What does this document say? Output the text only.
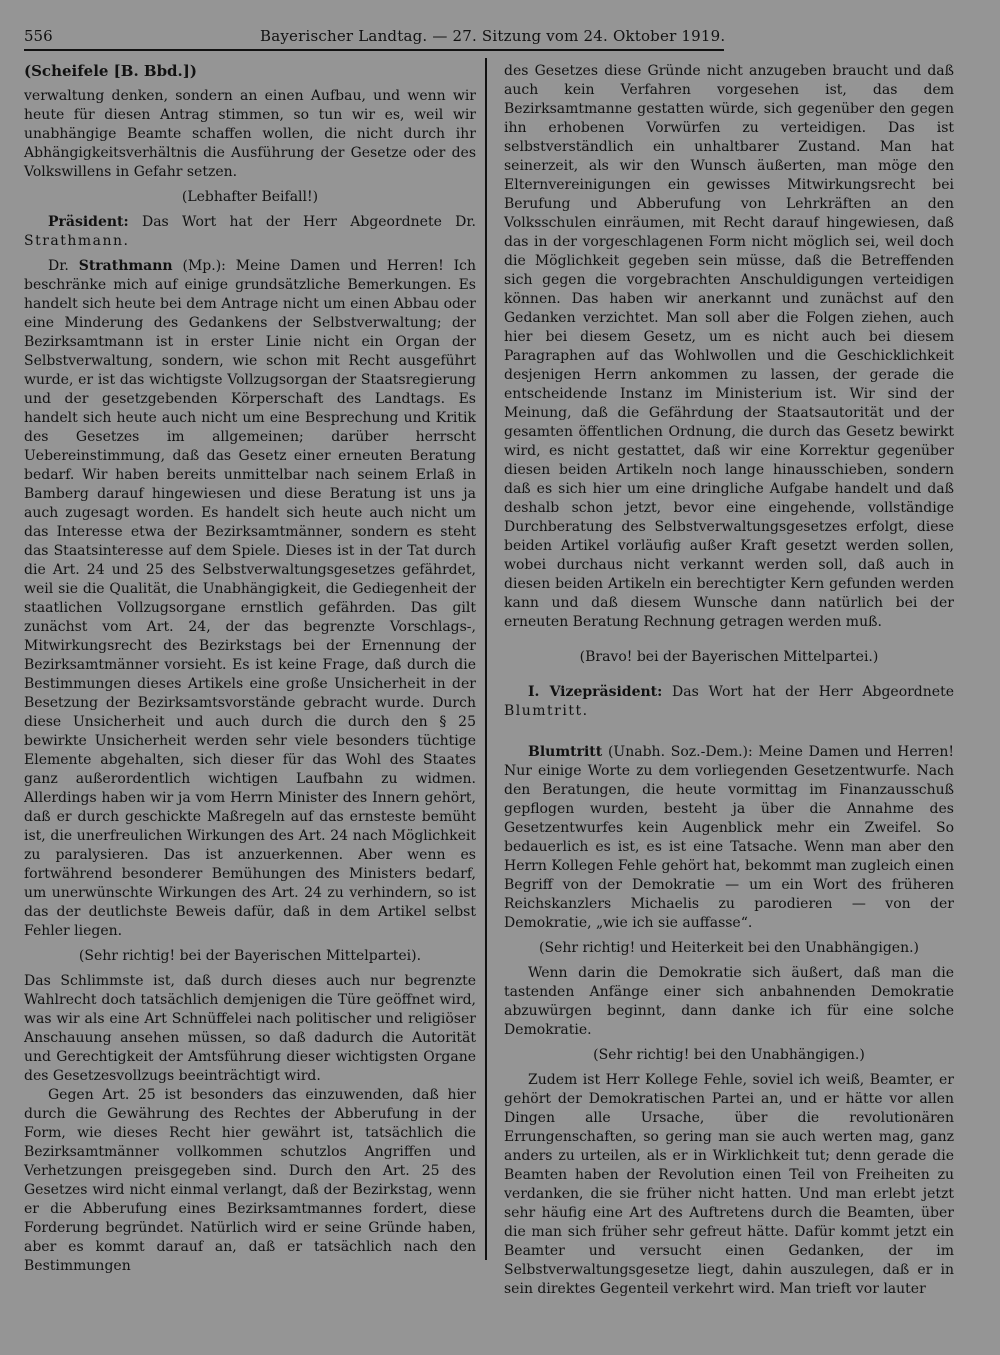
556	Bayerischer Landtag. — 27. Sitzung vom 24. Oktober 1919.

(Scheifele [B. Bbd.])

verwaltung denken, sondern an einen Aufbau, und wenn wir heute für diesen Antrag stimmen, so tun wir es, weil wir unabhängige Beamte schaffen wollen, die nicht durch ihr Abhängigkeitsverhältnis die Ausführung der Gesetze oder des Volkswillens in Gefahr setzen.

(Lebhafter Beifall!)

Präsident: Das Wort hat der Herr Abgeordnete Dr. Strathmann.

Dr. Strathmann (Mp.): Meine Damen und Herren! Ich beschränke mich auf einige grundsätzliche Bemerkungen. Es handelt sich heute bei dem Antrage nicht um einen Abbau oder eine Minderung des Gedankens der Selbstverwaltung; der Bezirksamtmann ist in erster Linie nicht ein Organ der Selbstverwaltung, sondern, wie schon mit Recht ausgeführt wurde, er ist das wichtigste Vollzugsorgan der Staatsregierung und der gesetzgebenden Körperschaft des Landtags. Es handelt sich heute auch nicht um eine Besprechung und Kritik des Gesetzes im allgemeinen; darüber herrscht Uebereinstimmung, daß das Gesetz einer erneuten Beratung bedarf. Wir haben bereits unmittelbar nach seinem Erlaß in Bamberg darauf hingewiesen und diese Beratung ist uns ja auch zugesagt worden. Es handelt sich heute auch nicht um das Interesse etwa der Bezirksamtmänner, sondern es steht das Staatsinteresse auf dem Spiele. Dieses ist in der Tat durch die Art. 24 und 25 des Selbstverwaltungsgesetzes gefährdet, weil sie die Qualität, die Unabhängigkeit, die Gediegenheit der staatlichen Vollzugsorgane ernstlich gefährden. Das gilt zunächst vom Art. 24, der das begrenzte Vorschlags-, Mitwirkungsrecht des Bezirkstags bei der Ernennung der Bezirksamtmänner vorsieht. Es ist keine Frage, daß durch die Bestimmungen dieses Artikels eine große Unsicherheit in der Besetzung der Bezirksamtsvorstände gebracht wurde. Durch diese Unsicherheit und auch durch die durch den § 25 bewirkte Unsicherheit werden sehr viele besonders tüchtige Elemente abgehalten, sich dieser für das Wohl des Staates ganz außerordentlich wichtigen Laufbahn zu widmen. Allerdings haben wir ja vom Herrn Minister des Innern gehört, daß er durch geschickte Maßregeln auf das ernsteste bemüht ist, die unerfreulichen Wirkungen des Art. 24 nach Möglichkeit zu paralysieren. Das ist anzuerkennen. Aber wenn es fortwährend besonderer Bemühungen des Ministers bedarf, um unerwünschte Wirkungen des Art. 24 zu verhindern, so ist das der deutlichste Beweis dafür, daß in dem Artikel selbst Fehler liegen.

(Sehr richtig! bei der Bayerischen Mittelpartei).

Das Schlimmste ist, daß durch dieses auch nur begrenzte Wahlrecht doch tatsächlich demjenigen die Türe geöffnet wird, was wir als eine Art Schnüffelei nach politischer und religiöser Anschauung ansehen müssen, so daß dadurch die Autorität und Gerechtigkeit der Amtsführung dieser wichtigsten Organe des Gesetzesvollzugs beeinträchtigt wird.

Gegen Art. 25 ist besonders das einzuwenden, daß hier durch die Gewährung des Rechtes der Abberufung in der Form, wie dieses Recht hier gewährt ist, tatsächlich die Bezirksamtmänner vollkommen schutzlos Angriffen und Verhetzungen preisgegeben sind. Durch den Art. 25 des Gesetzes wird nicht einmal verlangt, daß der Bezirkstag, wenn er die Abberufung eines Bezirksamtmannes fordert, diese Forderung begründet. Natürlich wird er seine Gründe haben, aber es kommt darauf an, daß er tatsächlich nach den Bestimmungen

des Gesetzes diese Gründe nicht anzugeben braucht und daß auch kein Verfahren vorgesehen ist, das dem Bezirksamtmanne gestatten würde, sich gegenüber den gegen ihn erhobenen Vorwürfen zu verteidigen. Das ist selbstverständlich ein unhaltbarer Zustand. Man hat seinerzeit, als wir den Wunsch äußerten, man möge den Elternvereinigungen ein gewisses Mitwirkungsrecht bei Berufung und Abberufung von Lehrkräften an den Volksschulen einräumen, mit Recht darauf hingewiesen, daß das in der vorgeschlagenen Form nicht möglich sei, weil doch die Möglichkeit gegeben sein müsse, daß die Betreffenden sich gegen die vorgebrachten Anschuldigungen verteidigen können. Das haben wir anerkannt und zunächst auf den Gedanken verzichtet. Man soll aber die Folgen ziehen, auch hier bei diesem Gesetz, um es nicht auch bei diesem Paragraphen auf das Wohlwollen und die Geschicklichkeit desjenigen Herrn ankommen zu lassen, der gerade die entscheidende Instanz im Ministerium ist. Wir sind der Meinung, daß die Gefährdung der Staatsautorität und der gesamten öffentlichen Ordnung, die durch das Gesetz bewirkt wird, es nicht gestattet, daß wir eine Korrektur gegenüber diesen beiden Artikeln noch lange hinausschieben, sondern daß es sich hier um eine dringliche Aufgabe handelt und daß deshalb schon jetzt, bevor eine eingehende, vollständige Durchberatung des Selbstverwaltungsgesetzes erfolgt, diese beiden Artikel vorläufig außer Kraft gesetzt werden sollen, wobei durchaus nicht verkannt werden soll, daß auch in diesen beiden Artikeln ein berechtigter Kern gefunden werden kann und daß diesem Wunsche dann natürlich bei der erneuten Beratung Rechnung getragen werden muß.

(Bravo! bei der Bayerischen Mittelpartei.)

I. Vizepräsident: Das Wort hat der Herr Abgeordnete Blumtritt.

Blumtritt (Unabh. Soz.-Dem.): Meine Damen und Herren! Nur einige Worte zu dem vorliegenden Gesetzentwurfe. Nach den Beratungen, die heute vormittag im Finanzausschuß gepflogen wurden, besteht ja über die Annahme des Gesetzentwurfes kein Augenblick mehr ein Zweifel. So bedauerlich es ist, es ist eine Tatsache. Wenn man aber den Herrn Kollegen Fehle gehört hat, bekommt man zugleich einen Begriff von der Demokratie — um ein Wort des früheren Reichskanzlers Michaelis zu parodieren — von der Demokratie, „wie ich sie auffasse“.

(Sehr richtig! und Heiterkeit bei den Unabhängigen.)

Wenn darin die Demokratie sich äußert, daß man die tastenden Anfänge einer sich anbahnenden Demokratie abzuwürgen beginnt, dann danke ich für eine solche Demokratie.

(Sehr richtig! bei den Unabhängigen.)

Zudem ist Herr Kollege Fehle, soviel ich weiß, Beamter, er gehört der Demokratischen Partei an, und er hätte vor allen Dingen alle Ursache, über die revolutionären Errungenschaften, so gering man sie auch werten mag, ganz anders zu urteilen, als er in Wirklichkeit tut; denn gerade die Beamten haben der Revolution einen Teil von Freiheiten zu verdanken, die sie früher nicht hatten. Und man erlebt jetzt sehr häufig eine Art des Auftretens durch die Beamten, über die man sich früher sehr gefreut hätte. Dafür kommt jetzt ein Beamter und versucht einen Gedanken, der im Selbstverwaltungsgesetze liegt, dahin auszulegen, daß er in sein direktes Gegenteil verkehrt wird. Man trieft vor lauter
